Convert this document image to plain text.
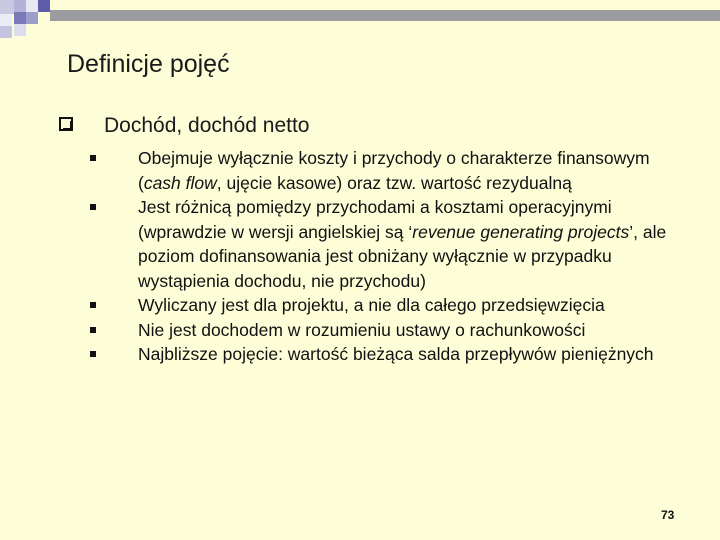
Definicje pojęć
Dochód, dochód netto
Obejmuje wyłącznie koszty i przychody o charakterze finansowym (cash flow, ujęcie kasowe) oraz tzw. wartość rezydualną
Jest różnicą pomiędzy przychodami a kosztami operacyjnymi (wprawdzie w wersji angielskiej są ‘revenue generating projects’, ale poziom dofinansowania jest obniżany wyłącznie w przypadku wystąpienia dochodu, nie przychodu)
Wyliczany jest dla projektu, a nie dla całego przedsięwzięcia
Nie jest dochodem w rozumieniu ustawy o rachunkowości
Najbliższe pojęcie: wartość bieżąca salda przepływów pieniężnych
73
